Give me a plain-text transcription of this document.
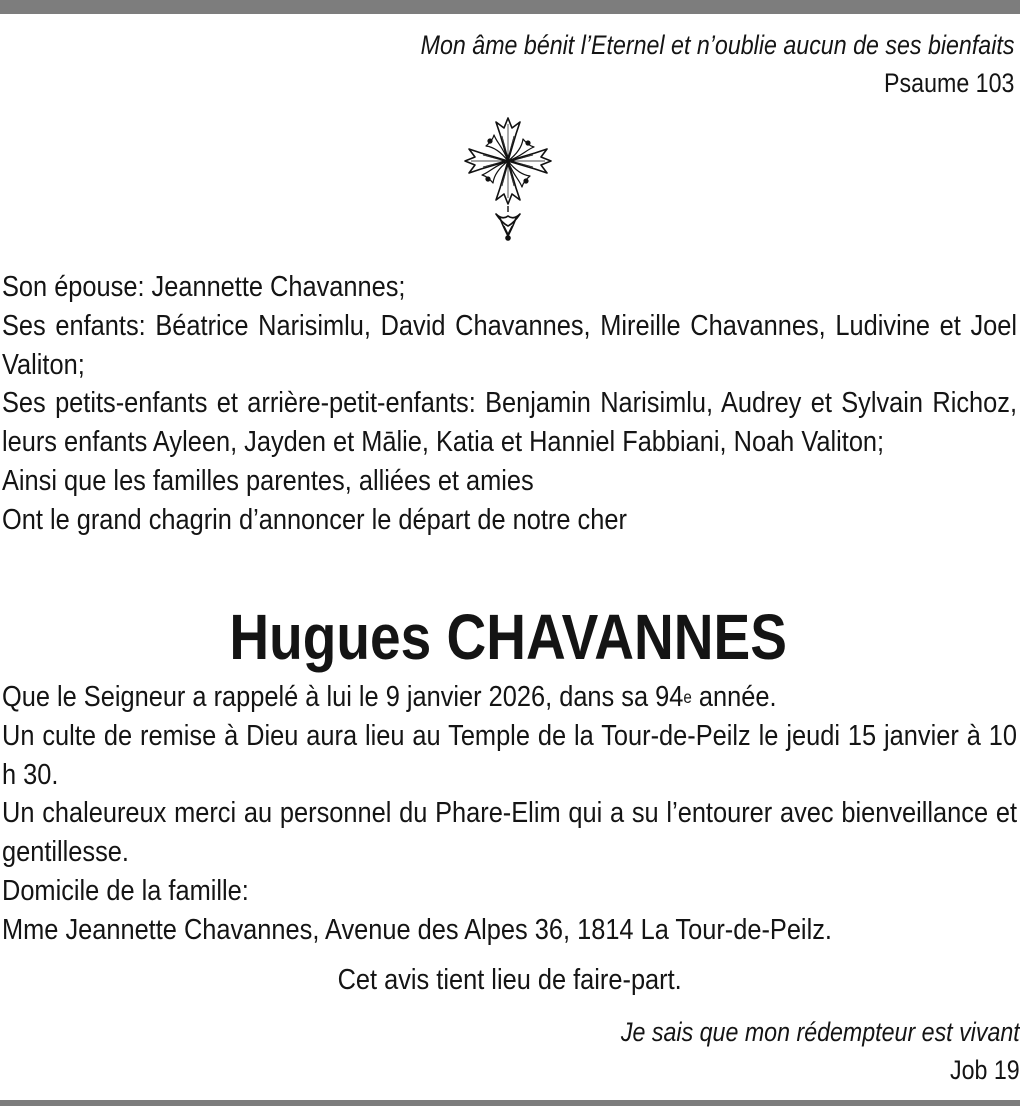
Mon âme bénit l’Eternel et n’oublie aucun de ses bienfaits
Psaume 103

Son épouse: Jeannette Chavannes;

Ses enfants: Béatrice Narisimlu, David Chavannes, Mireille Chavannes, Ludivine et Joel Valiton;

Ses petits-enfants et arrière-petit-enfants: Benjamin Narisimlu, Audrey et Sylvain Richoz, leurs enfants Ayleen, Jayden et Mālie, Katia et Hanniel Fabbiani, Noah Valiton;

Ainsi que les familles parentes, alliées et amies

Ont le grand chagrin d’annoncer le départ de notre cher

Hugues CHAVANNES

Que le Seigneur a rappelé à lui le 9 janvier 2026, dans sa 94e année.

Un culte de remise à Dieu aura lieu au Temple de la Tour-de-Peilz le jeudi 15 janvier à 10 h 30.

Un chaleureux merci au personnel du Phare-Elim qui a su l’entourer avec bienveillance et gentillesse.

Domicile de la famille:

Mme Jeannette Chavannes, Avenue des Alpes 36, 1814 La Tour-de-Peilz.

Cet avis tient lieu de faire-part.
Je sais que mon rédempteur est vivant
Job 19
